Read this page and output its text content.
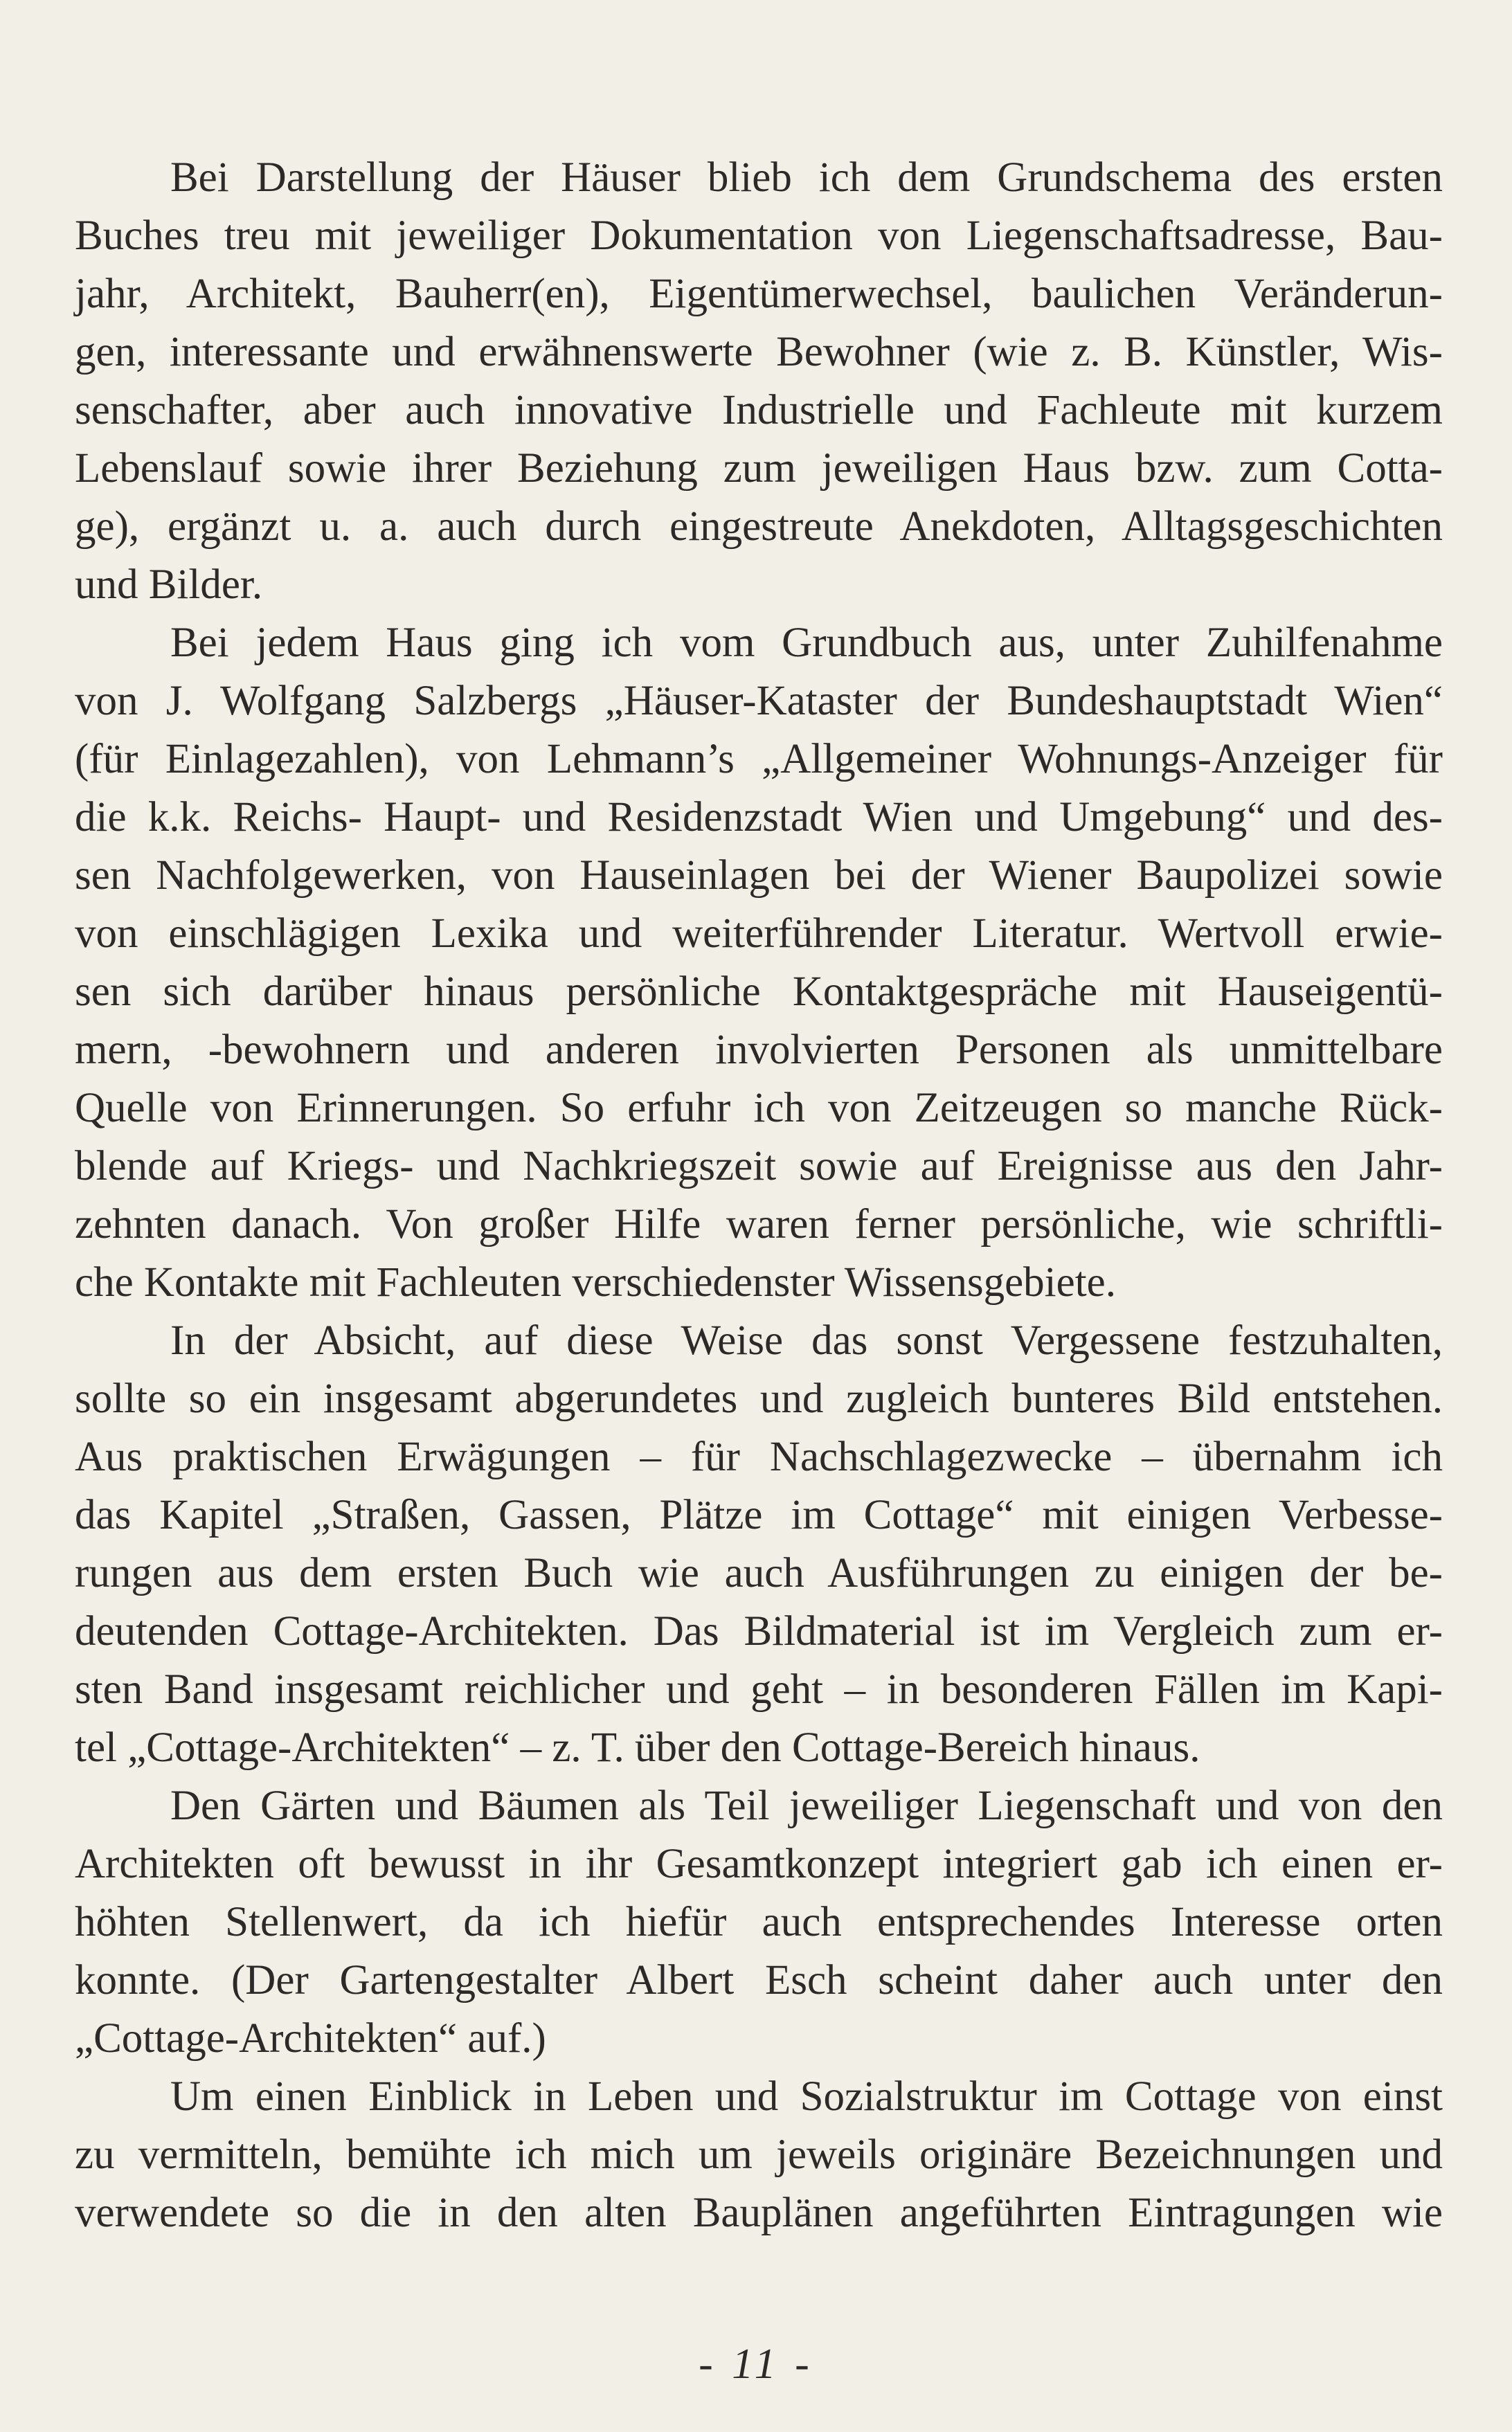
Bei Darstellung der Häuser blieb ich dem Grundschema des ersten
Buches treu mit jeweiliger Dokumentation von Liegenschaftsadresse, Bau-
jahr, Architekt, Bauherr(en), Eigentümerwechsel, baulichen Veränderun-
gen, interessante und erwähnenswerte Bewohner (wie z. B. Künstler, Wis-
senschafter, aber auch innovative Industrielle und Fachleute mit kurzem
Lebenslauf sowie ihrer Beziehung zum jeweiligen Haus bzw. zum Cotta-
ge), ergänzt u. a. auch durch eingestreute Anekdoten, Alltagsgeschichten
und Bilder.
Bei jedem Haus ging ich vom Grundbuch aus, unter Zuhilfenahme
von J. Wolfgang Salzbergs „Häuser-Kataster der Bundeshauptstadt Wien“
(für Einlagezahlen), von Lehmann’s „Allgemeiner Wohnungs-Anzeiger für
die k.k. Reichs- Haupt- und Residenzstadt Wien und Umgebung“ und des-
sen Nachfolgewerken, von Hauseinlagen bei der Wiener Baupolizei sowie
von einschlägigen Lexika und weiterführender Literatur. Wertvoll erwie-
sen sich darüber hinaus persönliche Kontaktgespräche mit Hauseigentü-
mern, -bewohnern und anderen involvierten Personen als unmittelbare
Quelle von Erinnerungen. So erfuhr ich von Zeitzeugen so manche Rück-
blende auf Kriegs- und Nachkriegszeit sowie auf Ereignisse aus den Jahr-
zehnten danach. Von großer Hilfe waren ferner persönliche, wie schriftli-
che Kontakte mit Fachleuten verschiedenster Wissensgebiete.
In der Absicht, auf diese Weise das sonst Vergessene festzuhalten,
sollte so ein insgesamt abgerundetes und zugleich bunteres Bild entstehen.
Aus praktischen Erwägungen – für Nachschlagezwecke – übernahm ich
das Kapitel „Straßen, Gassen, Plätze im Cottage“ mit einigen Verbesse-
rungen aus dem ersten Buch wie auch Ausführungen zu einigen der be-
deutenden Cottage-Architekten. Das Bildmaterial ist im Vergleich zum er-
sten Band insgesamt reichlicher und geht – in besonderen Fällen im Kapi-
tel „Cottage-Architekten“ – z. T. über den Cottage-Bereich hinaus.
Den Gärten und Bäumen als Teil jeweiliger Liegenschaft und von den
Architekten oft bewusst in ihr Gesamtkonzept integriert gab ich einen er-
höhten Stellenwert, da ich hiefür auch entsprechendes Interesse orten
konnte. (Der Gartengestalter Albert Esch scheint daher auch unter den
„Cottage-Architekten“ auf.)
Um einen Einblick in Leben und Sozialstruktur im Cottage von einst
zu vermitteln, bemühte ich mich um jeweils originäre Bezeichnungen und
verwendete so die in den alten Bauplänen angeführten Eintragungen wie
- 11 -
